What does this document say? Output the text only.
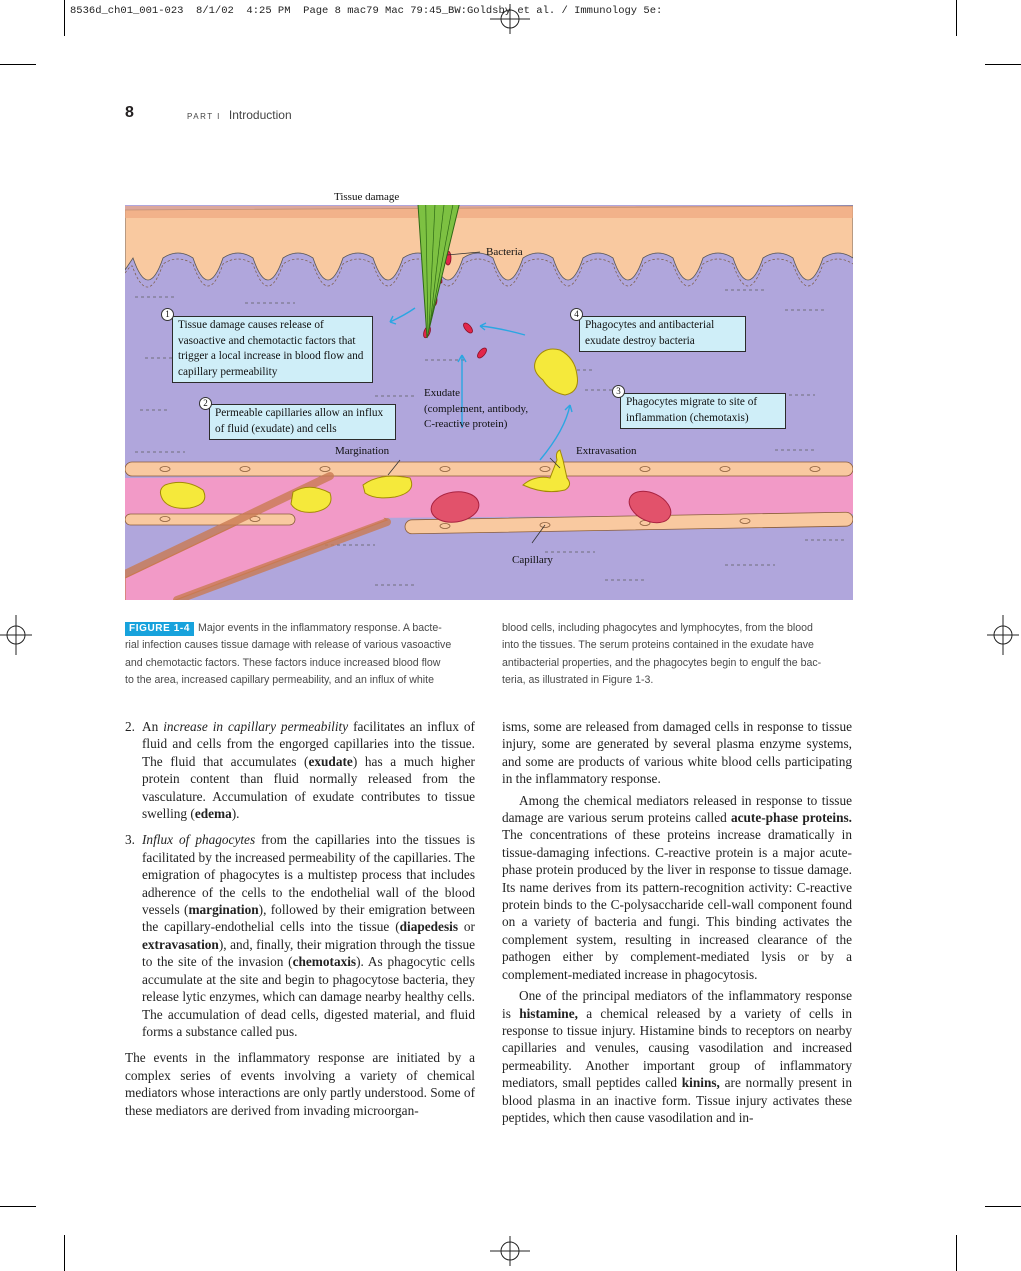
8536d_ch01_001-023  8/1/02  4:25 PM  Page 8 mac79 Mac 79:45_BW:Goldsby et al. / Immunology 5e:
8	PART I Introduction
Tissue damage
Bacteria
Exudate
(complement, antibody,
C-reactive protein)
Margination	Extravasation
Capillary
Tissue damage causes release of vasoactive and chemotactic factors that trigger a local increase in blood flow and capillary permeability
1
Permeable capillaries allow an influx of fluid (exudate) and cells
2	Phagocytes migrate to site of inflammation (chemotaxis)
3
Phagocytes and antibacterial exudate destroy bacteria
4
FIGURE 1-4 Major events in the inflammatory response. A bacte-
rial infection causes tissue damage with release of various vasoactive
and chemotactic factors. These factors induce increased blood flow
to the area, increased capillary permeability, and an influx of white
blood cells, including phagocytes and lymphocytes, from the blood
into the tissues. The serum proteins contained in the exudate have
antibacterial properties, and the phagocytes begin to engulf the bac-
teria, as illustrated in Figure 1-3.
2. An increase in capillary permeability facilitates an influx of fluid and cells from the engorged capillaries into the tissue. The fluid that accumulates (exudate) has a much higher protein content than fluid normally released from the vasculature. Accumulation of exudate contributes to tissue swelling (edema).
3. Influx of phagocytes from the capillaries into the tissues is facilitated by the increased permeability of the capillaries. The emigration of phagocytes is a multistep process that includes adherence of the cells to the endothelial wall of the blood vessels (margination), followed by their emigration between the capillary-endothelial cells into the tissue (diapedesis or extravasation), and, finally, their migration through the tissue to the site of the invasion (chemotaxis). As phagocytic cells accumulate at the site and begin to phagocytose bacteria, they release lytic enzymes, which can damage nearby healthy cells. The accumulation of dead cells, digested material, and fluid forms a substance called pus.

The events in the inflammatory response are initiated by a complex series of events involving a variety of chemical mediators whose interactions are only partly understood. Some of these mediators are derived from invading microorgan-

isms, some are released from damaged cells in response to tissue injury, some are generated by several plasma enzyme systems, and some are products of various white blood cells participating in the inflammatory response.

Among the chemical mediators released in response to tissue damage are various serum proteins called acute-phase proteins. The concentrations of these proteins increase dramatically in tissue-damaging infections. C-reactive protein is a major acute-phase protein produced by the liver in response to tissue damage. Its name derives from its pattern-recognition activity: C-reactive protein binds to the C-polysaccharide cell-wall component found on a variety of bacteria and fungi. This binding activates the complement system, resulting in increased clearance of the pathogen either by complement-mediated lysis or by a complement-mediated increase in phagocytosis.

One of the principal mediators of the inflammatory response is histamine, a chemical released by a variety of cells in response to tissue injury. Histamine binds to receptors on nearby capillaries and venules, causing vasodilation and increased permeability. Another important group of inflammatory mediators, small peptides called kinins, are normally present in blood plasma in an inactive form. Tissue injury activates these peptides, which then cause vasodilation and in-
